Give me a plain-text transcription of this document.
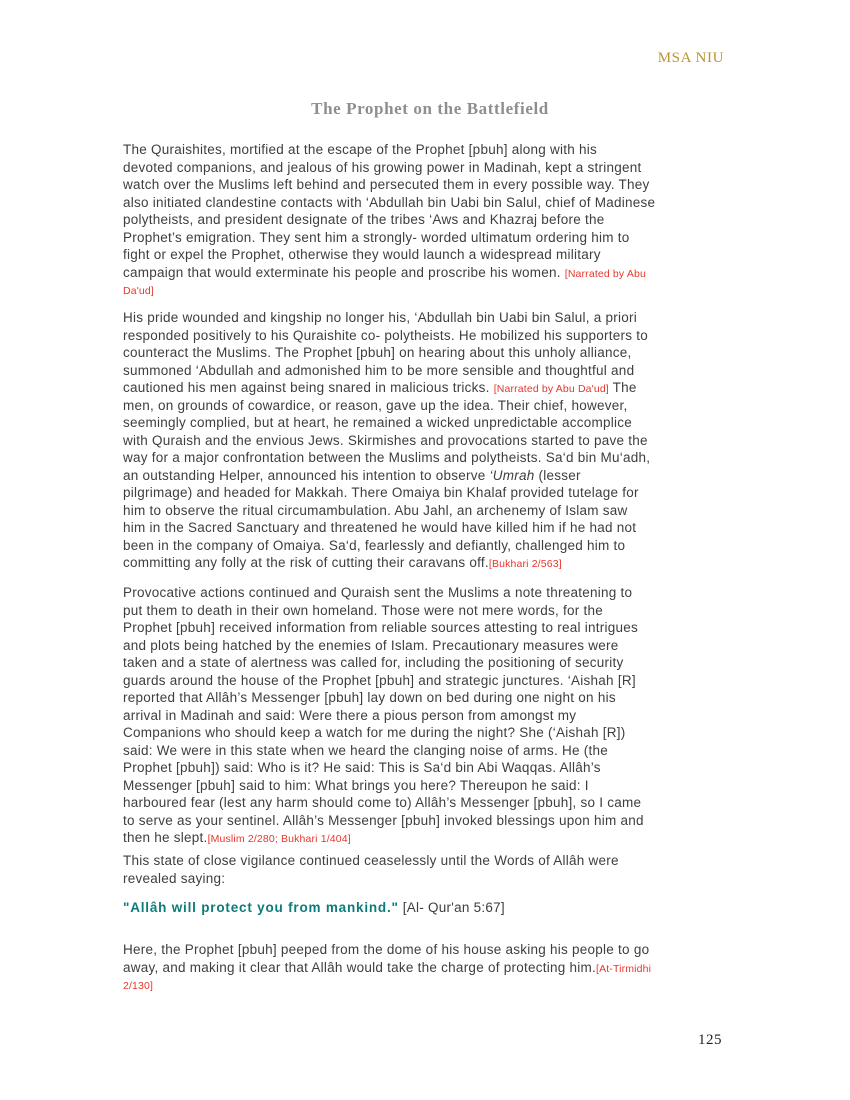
MSA NIU
The Prophet on the Battlefield
The Quraishites, mortified at the escape of the Prophet [pbuh] along with his
devoted companions, and jealous of his growing power in Madinah, kept a stringent
watch over the Muslims left behind and persecuted them in every possible way. They
also initiated clandestine contacts with ‘Abdullah bin Uabi bin Salul, chief of Madinese
polytheists, and president designate of the tribes ‘Aws and Khazraj before the
Prophet’s emigration. They sent him a strongly- worded ultimatum ordering him to
fight or expel the Prophet, otherwise they would launch a widespread military
campaign that would exterminate his people and proscribe his women. [Narrated by Abu
Da'ud]
His pride wounded and kingship no longer his, ‘Abdullah bin Uabi bin Salul, a priori
responded positively to his Quraishite co- polytheists. He mobilized his supporters to
counteract the Muslims. The Prophet [pbuh] on hearing about this unholy alliance,
summoned ‘Abdullah and admonished him to be more sensible and thoughtful and
cautioned his men against being snared in malicious tricks. [Narrated by Abu Da'ud] The
men, on grounds of cowardice, or reason, gave up the idea. Their chief, however,
seemingly complied, but at heart, he remained a wicked unpredictable accomplice
with Quraish and the envious Jews. Skirmishes and provocations started to pave the
way for a major confrontation between the Muslims and polytheists. Sa‘d bin Mu‘adh,
an outstanding Helper, announced his intention to observe ‘Umrah (lesser
pilgrimage) and headed for Makkah. There Omaiya bin Khalaf provided tutelage for
him to observe the ritual circumambulation. Abu Jahl, an archenemy of Islam saw
him in the Sacred Sanctuary and threatened he would have killed him if he had not
been in the company of Omaiya. Sa‘d, fearlessly and defiantly, challenged him to
committing any folly at the risk of cutting their caravans off.[Bukhari 2/563]
Provocative actions continued and Quraish sent the Muslims a note threatening to
put them to death in their own homeland. Those were not mere words, for the
Prophet [pbuh] received information from reliable sources attesting to real intrigues
and plots being hatched by the enemies of Islam. Precautionary measures were
taken and a state of alertness was called for, including the positioning of security
guards around the house of the Prophet [pbuh] and strategic junctures. ‘Aishah [R]
reported that Allâh’s Messenger [pbuh] lay down on bed during one night on his
arrival in Madinah and said: Were there a pious person from amongst my
Companions who should keep a watch for me during the night? She (‘Aishah [R])
said: We were in this state when we heard the clanging noise of arms. He (the
Prophet [pbuh]) said: Who is it? He said: This is Sa‘d bin Abi Waqqas. Allâh’s
Messenger [pbuh] said to him: What brings you here? Thereupon he said: I
harboured fear (lest any harm should come to) Allâh’s Messenger [pbuh], so I came
to serve as your sentinel. Allâh’s Messenger [pbuh] invoked blessings upon him and
then he slept.[Muslim 2/280; Bukhari 1/404]
This state of close vigilance continued ceaselessly until the Words of Allâh were
revealed saying:
"Allâh will protect you from mankind." [Al- Qur'an 5:67]
Here, the Prophet [pbuh] peeped from the dome of his house asking his people to go
away, and making it clear that Allâh would take the charge of protecting him.[At-Tirmidhi
2/130]
125
